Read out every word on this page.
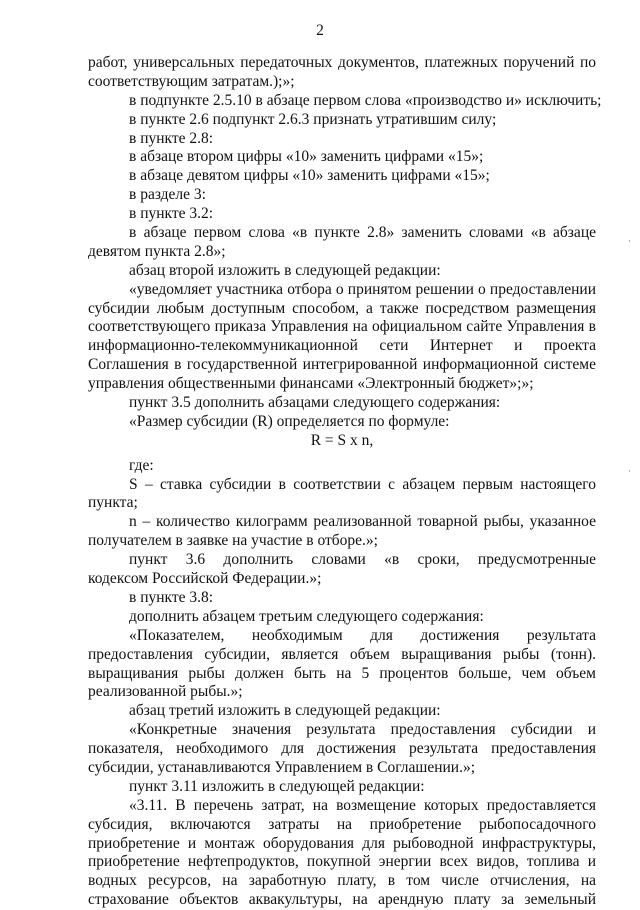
2
работ, универсальных передаточных документов, платежных поручений по
соответствующим затратам.);»;
в подпункте 2.5.10 в абзаце первом слова «производство и» исключить;
в пункте 2.6 подпункт 2.6.3 признать утратившим силу;
в пункте 2.8:
в абзаце втором цифры «10» заменить цифрами «15»;
в абзаце девятом цифры «10» заменить цифрами «15»;
в разделе 3:
в пункте 3.2:
в абзаце первом слова «в пункте 2.8» заменить словами «в абзаце
девятом пункта 2.8»;
абзац второй изложить в следующей редакции:
«уведомляет участника отбора о принятом решении о предоставлении
субсидии любым доступным способом, а также посредством размещения
соответствующего приказа Управления на официальном сайте Управления в
информационно-телекоммуникационной сети Интернет и проекта
Соглашения в государственной интегрированной информационной системе
управления общественными финансами «Электронный бюджет»;»;
пункт 3.5 дополнить абзацами следующего содержания:
«Размер субсидии (R) определяется по формуле:
R = S x n,
где:
S – ставка субсидии в соответствии с абзацем первым настоящего
пункта;
n – количество килограмм реализованной товарной рыбы, указанное
получателем в заявке на участие в отборе.»;
пункт 3.6 дополнить словами «в сроки, предусмотренные
кодексом Российской Федерации.»;
в пункте 3.8:
дополнить абзацем третьим следующего содержания:
«Показателем, необходимым для достижения результата
предоставления субсидии, является объем выращивания рыбы (тонн).
выращивания рыбы должен быть на 5 процентов больше, чем объем
реализованной рыбы.»;
абзац третий изложить в следующей редакции:
«Конкретные значения результата предоставления субсидии и
показателя, необходимого для достижения результата предоставления
субсидии, устанавливаются Управлением в Соглашении.»;
пункт 3.11 изложить в следующей редакции:
«3.11. В перечень затрат, на возмещение которых предоставляется
субсидия, включаются затраты на приобретение рыбопосадочного
приобретение и монтаж оборудования для рыбоводной инфраструктуры,
приобретение нефтепродуктов, покупной энергии всех видов, топлива и
водных ресурсов, на заработную плату, в том числе отчисления, на
страхование объектов аквакультуры, на арендную плату за земельный
·
·
